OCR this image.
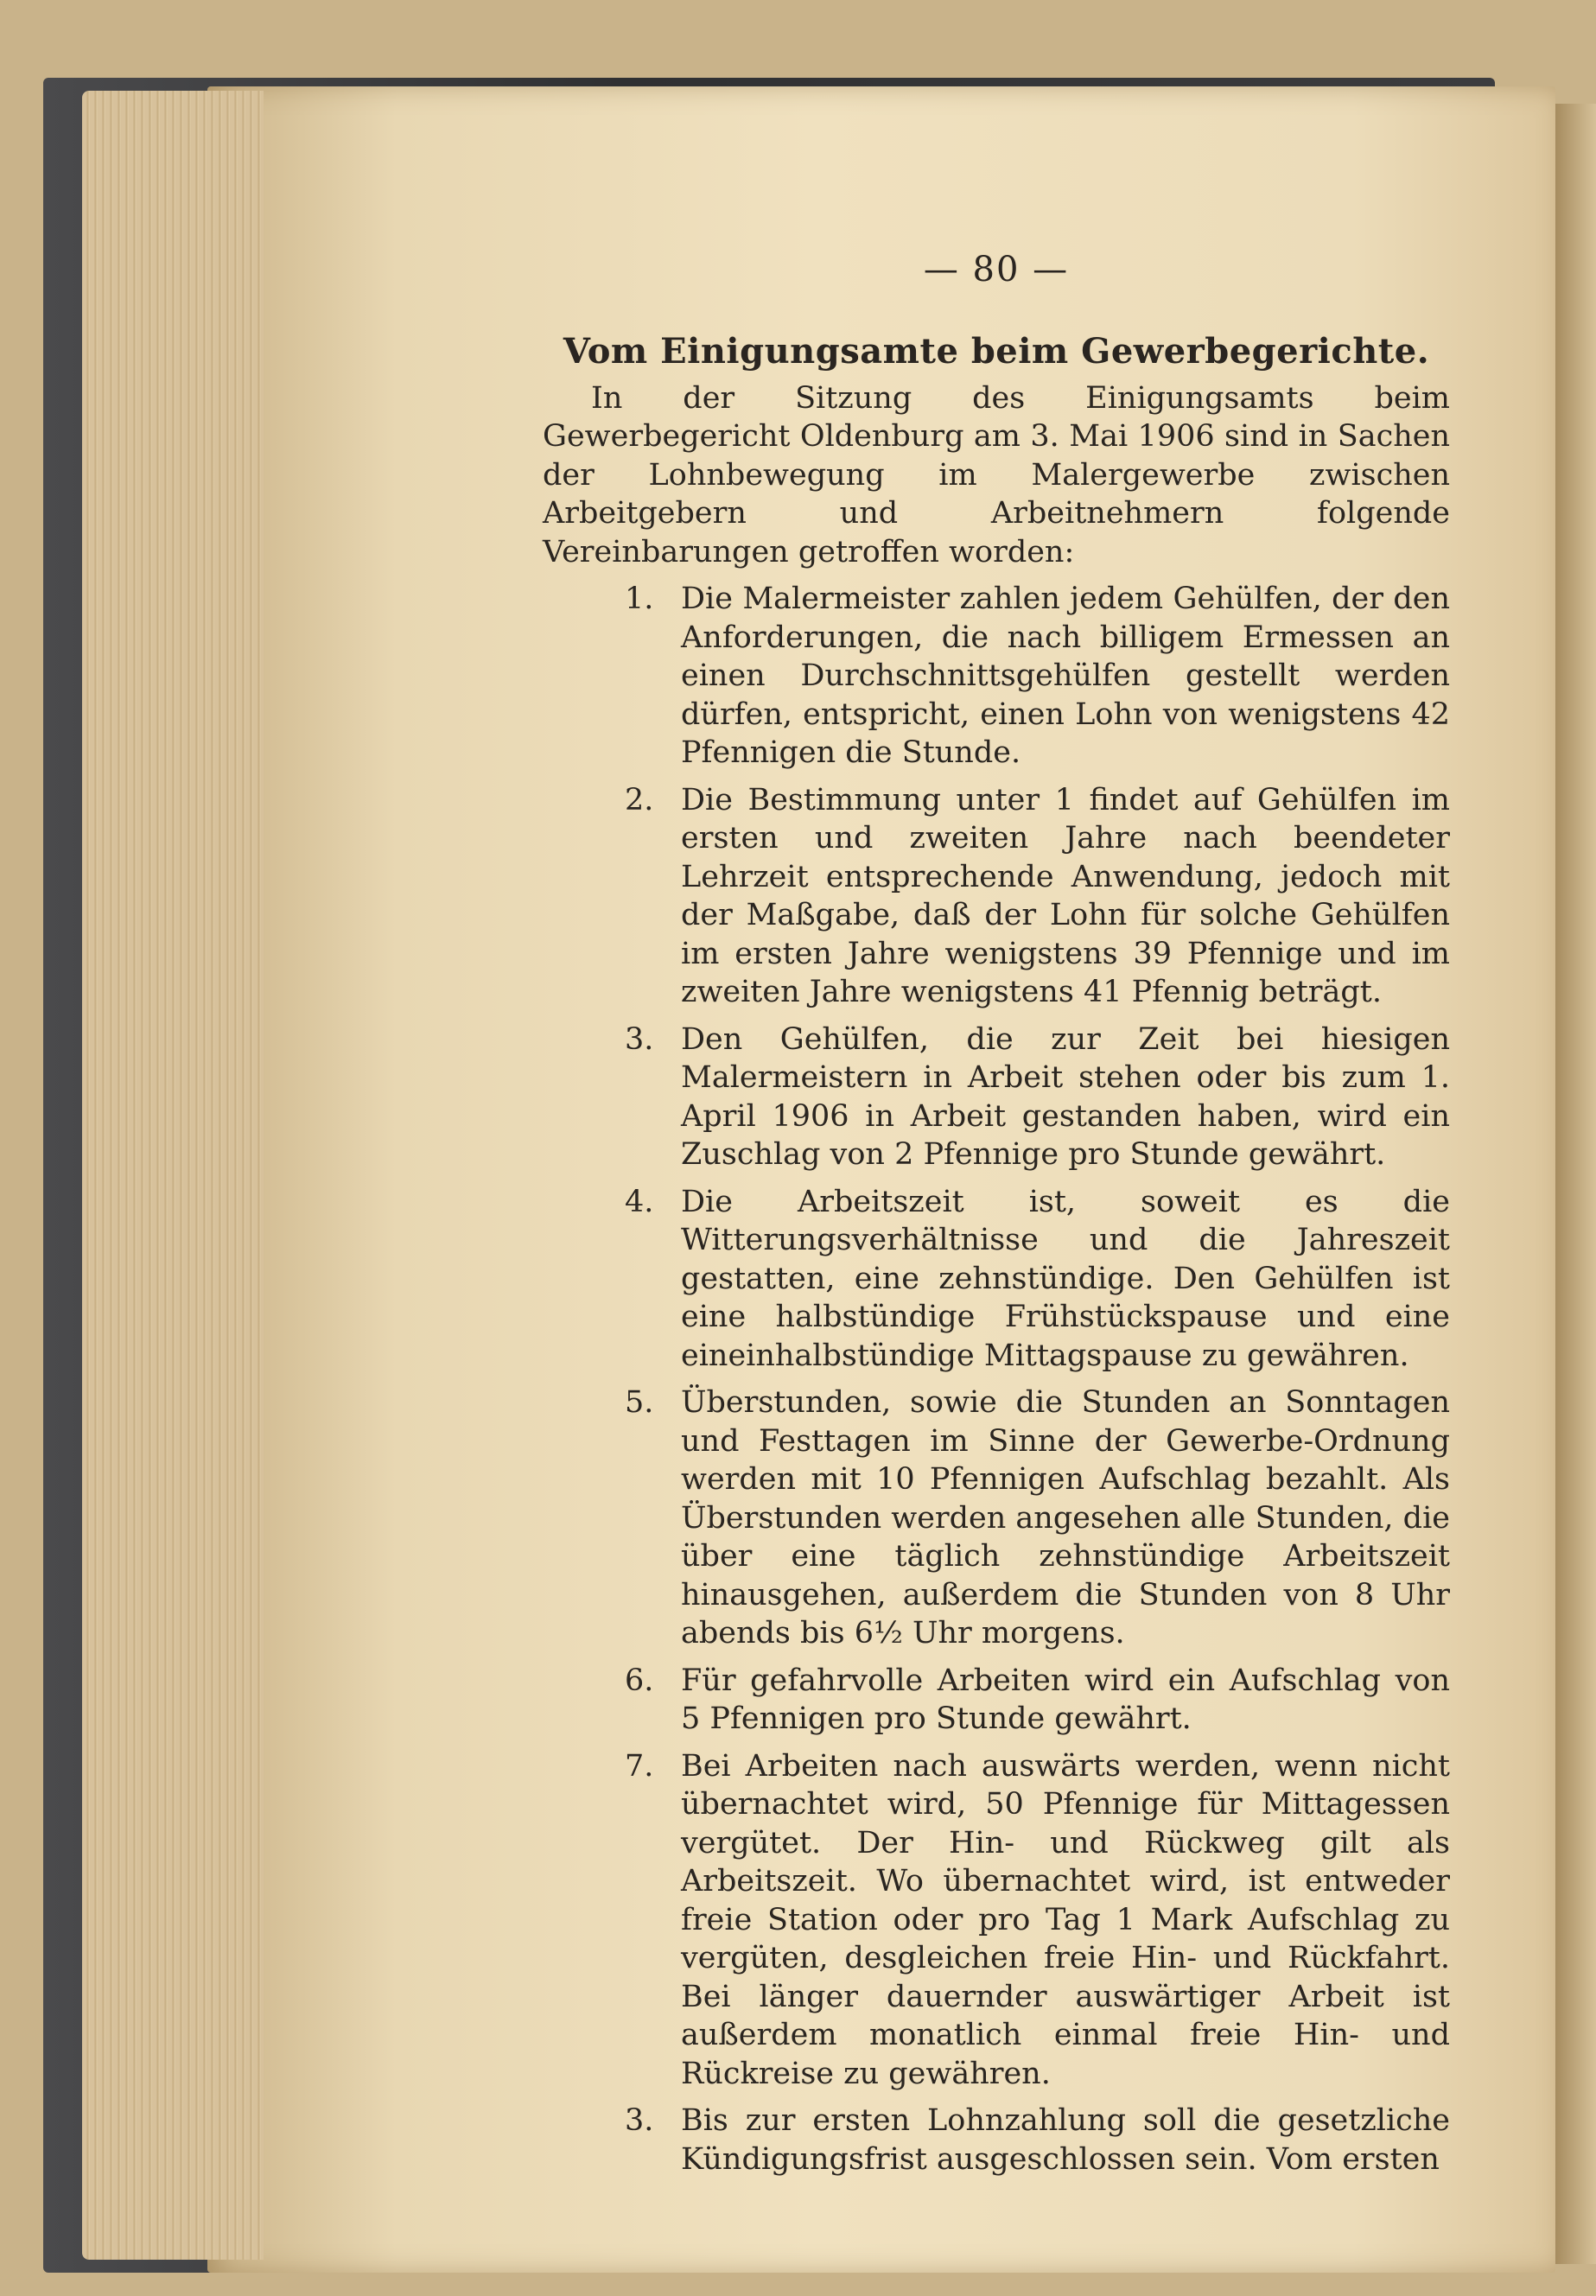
— 80 —
Vom Einigungsamte beim Gewerbegerichte.

In der Sitzung des Einigungsamts beim Gewerbegericht Oldenburg am 3. Mai 1906 sind in Sachen der Lohnbewegung im Malergewerbe zwischen Arbeitgebern und Arbeitnehmern folgende Vereinbarungen getroffen worden:

1. Die Malermeister zahlen jedem Gehülfen, der den Anforderungen, die nach billigem Ermessen an einen Durchschnittsgehülfen gestellt werden dürfen, entspricht, einen Lohn von wenigstens 42 Pfennigen die Stunde.
2. Die Bestimmung unter 1 findet auf Gehülfen im ersten und zweiten Jahre nach beendeter Lehrzeit entsprechende Anwendung, jedoch mit der Maßgabe, daß der Lohn für solche Gehülfen im ersten Jahre wenigstens 39 Pfennige und im zweiten Jahre wenigstens 41 Pfennig beträgt.
3. Den Gehülfen, die zur Zeit bei hiesigen Malermeistern in Arbeit stehen oder bis zum 1. April 1906 in Arbeit gestanden haben, wird ein Zuschlag von 2 Pfennige pro Stunde gewährt.
4. Die Arbeitszeit ist, soweit es die Witterungsverhältnisse und die Jahreszeit gestatten, eine zehnstündige. Den Gehülfen ist eine halbstündige Frühstückspause und eine eineinhalbstündige Mittagspause zu gewähren.
5. Überstunden, sowie die Stunden an Sonntagen und Festtagen im Sinne der Gewerbe-Ordnung werden mit 10 Pfennigen Aufschlag bezahlt. Als Überstunden werden angesehen alle Stunden, die über eine täglich zehnstündige Arbeitszeit hinausgehen, außerdem die Stunden von 8 Uhr abends bis 6½ Uhr morgens.
6. Für gefahrvolle Arbeiten wird ein Aufschlag von 5 Pfennigen pro Stunde gewährt.
7. Bei Arbeiten nach auswärts werden, wenn nicht übernachtet wird, 50 Pfennige für Mittagessen vergütet. Der Hin- und Rückweg gilt als Arbeitszeit. Wo übernachtet wird, ist entweder freie Station oder pro Tag 1 Mark Aufschlag zu vergüten, desgleichen freie Hin- und Rückfahrt. Bei länger dauernder auswärtiger Arbeit ist außerdem monatlich einmal freie Hin- und Rückreise zu gewähren.
3. Bis zur ersten Lohnzahlung soll die gesetzliche Kündigungsfrist ausgeschlossen sein. Vom ersten
